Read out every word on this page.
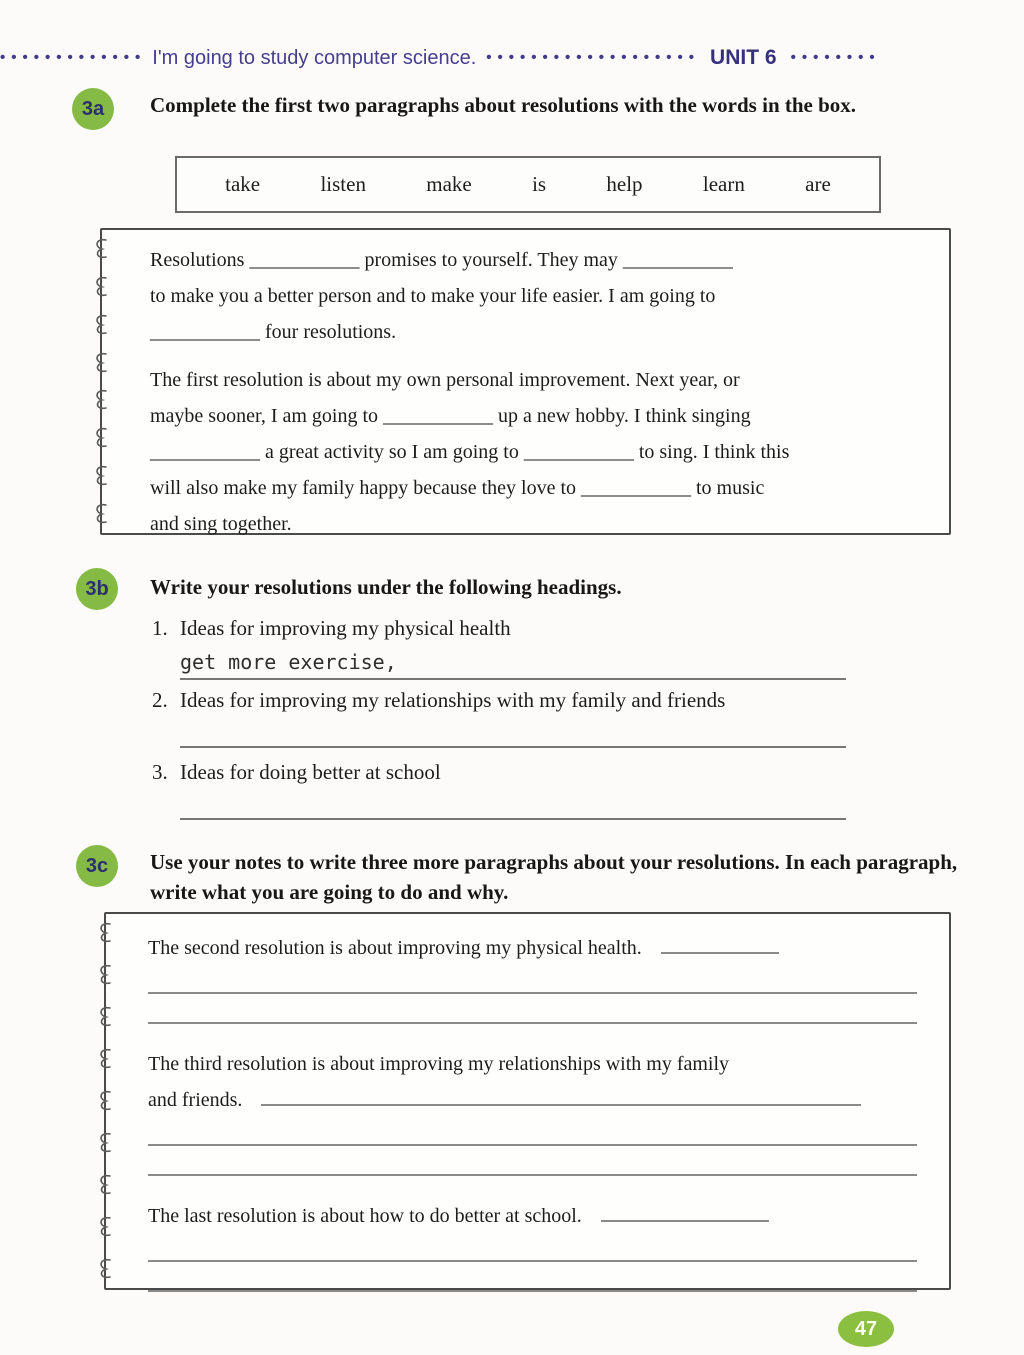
••••••••••••• I'm going to study computer science. ••••••••••••••••••• UNIT 6 ••••••••
3a	Complete the first two paragraphs about resolutions with the words in the box.
take	listen	make	is	help	learn	are
Resolutions ___________ promises to yourself. They may ___________
to make you a better person and to make your life easier. I am going to
___________ four resolutions.
The first resolution is about my own personal improvement. Next year, or
maybe sooner, I am going to ___________ up a new hobby. I think singing
___________ a great activity so I am going to ___________ to sing. I think this
will also make my family happy because they love to ___________ to music
and sing together.
3b	Write your resolutions under the following headings.
1. Ideas for improving my physical health
get more exercise,
2. Ideas for improving my relationships with my family and friends
3. Ideas for doing better at school
3c	Use your notes to write three more paragraphs about your resolutions. In each paragraph, write what you are going to do and why.
The second resolution is about improving my physical health.
The third resolution is about improving my relationships with my family
and friends.
The last resolution is about how to do better at school.
47
